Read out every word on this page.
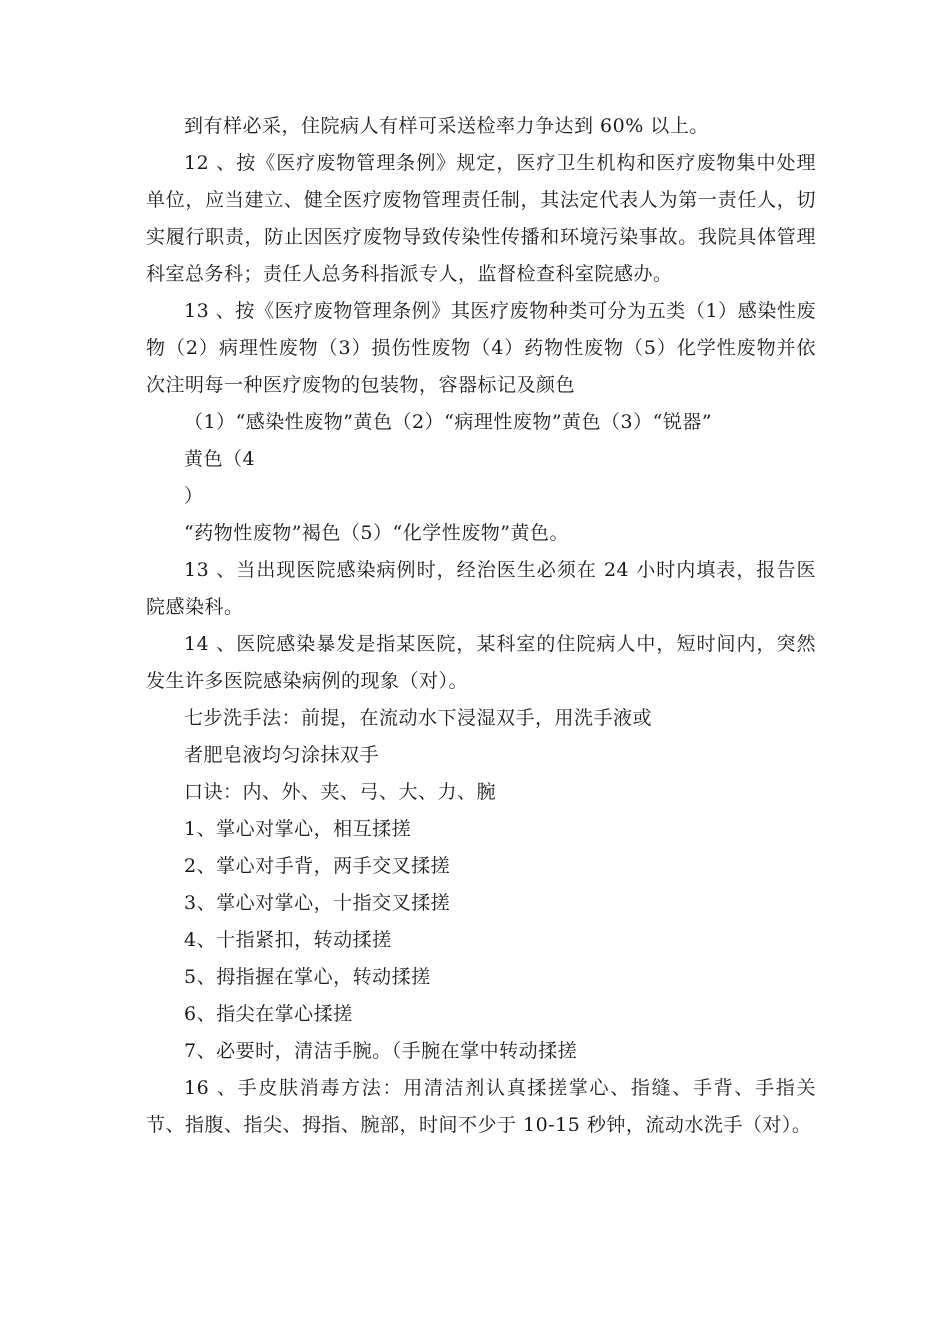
到有样必采，住院病人有样可采送检率力争达到 60% 以上。

12 、按《医疗废物管理条例》规定，医疗卫生机构和医疗废物集中处理单位，应当建立、健全医疗废物管理责任制，其法定代表人为第一责任人，切实履行职责，防止因医疗废物导致传染性传播和环境污染事故。我院具体管理科室总务科；责任人总务科指派专人，监督检查科室院感办。

13 、按《医疗废物管理条例》其医疗废物种类可分为五类（1）感染性废物（2）病理性废物（3）损伤性废物（4）药物性废物（5）化学性废物并依次注明每一种医疗废物的包装物，容器标记及颜色

（1）“感染性废物”黄色（2）“病理性废物”黄色（3）“锐器”

黄色（4

）

“药物性废物”褐色（5）“化学性废物”黄色。

13 、当出现医院感染病例时，经治医生必须在 24 小时内填表，报告医院感染科。

14 、医院感染暴发是指某医院，某科室的住院病人中，短时间内，突然发生许多医院感染病例的现象（对）。

七步洗手法：前提，在流动水下浸湿双手，用洗手液或

者肥皂液均匀涂抹双手

口诀：内、外、夹、弓、大、力、腕

1、掌心对掌心，相互揉搓

2、掌心对手背，两手交叉揉搓

3、掌心对掌心，十指交叉揉搓

4、十指紧扣，转动揉搓

5、拇指握在掌心，转动揉搓

6、指尖在掌心揉搓

7、必要时，清洁手腕。（手腕在掌中转动揉搓

16 、手皮肤消毒方法：用清洁剂认真揉搓掌心、指缝、手背、手指关节、指腹、指尖、拇指、腕部，时间不少于 10-15 秒钟，流动水洗手（对）。
